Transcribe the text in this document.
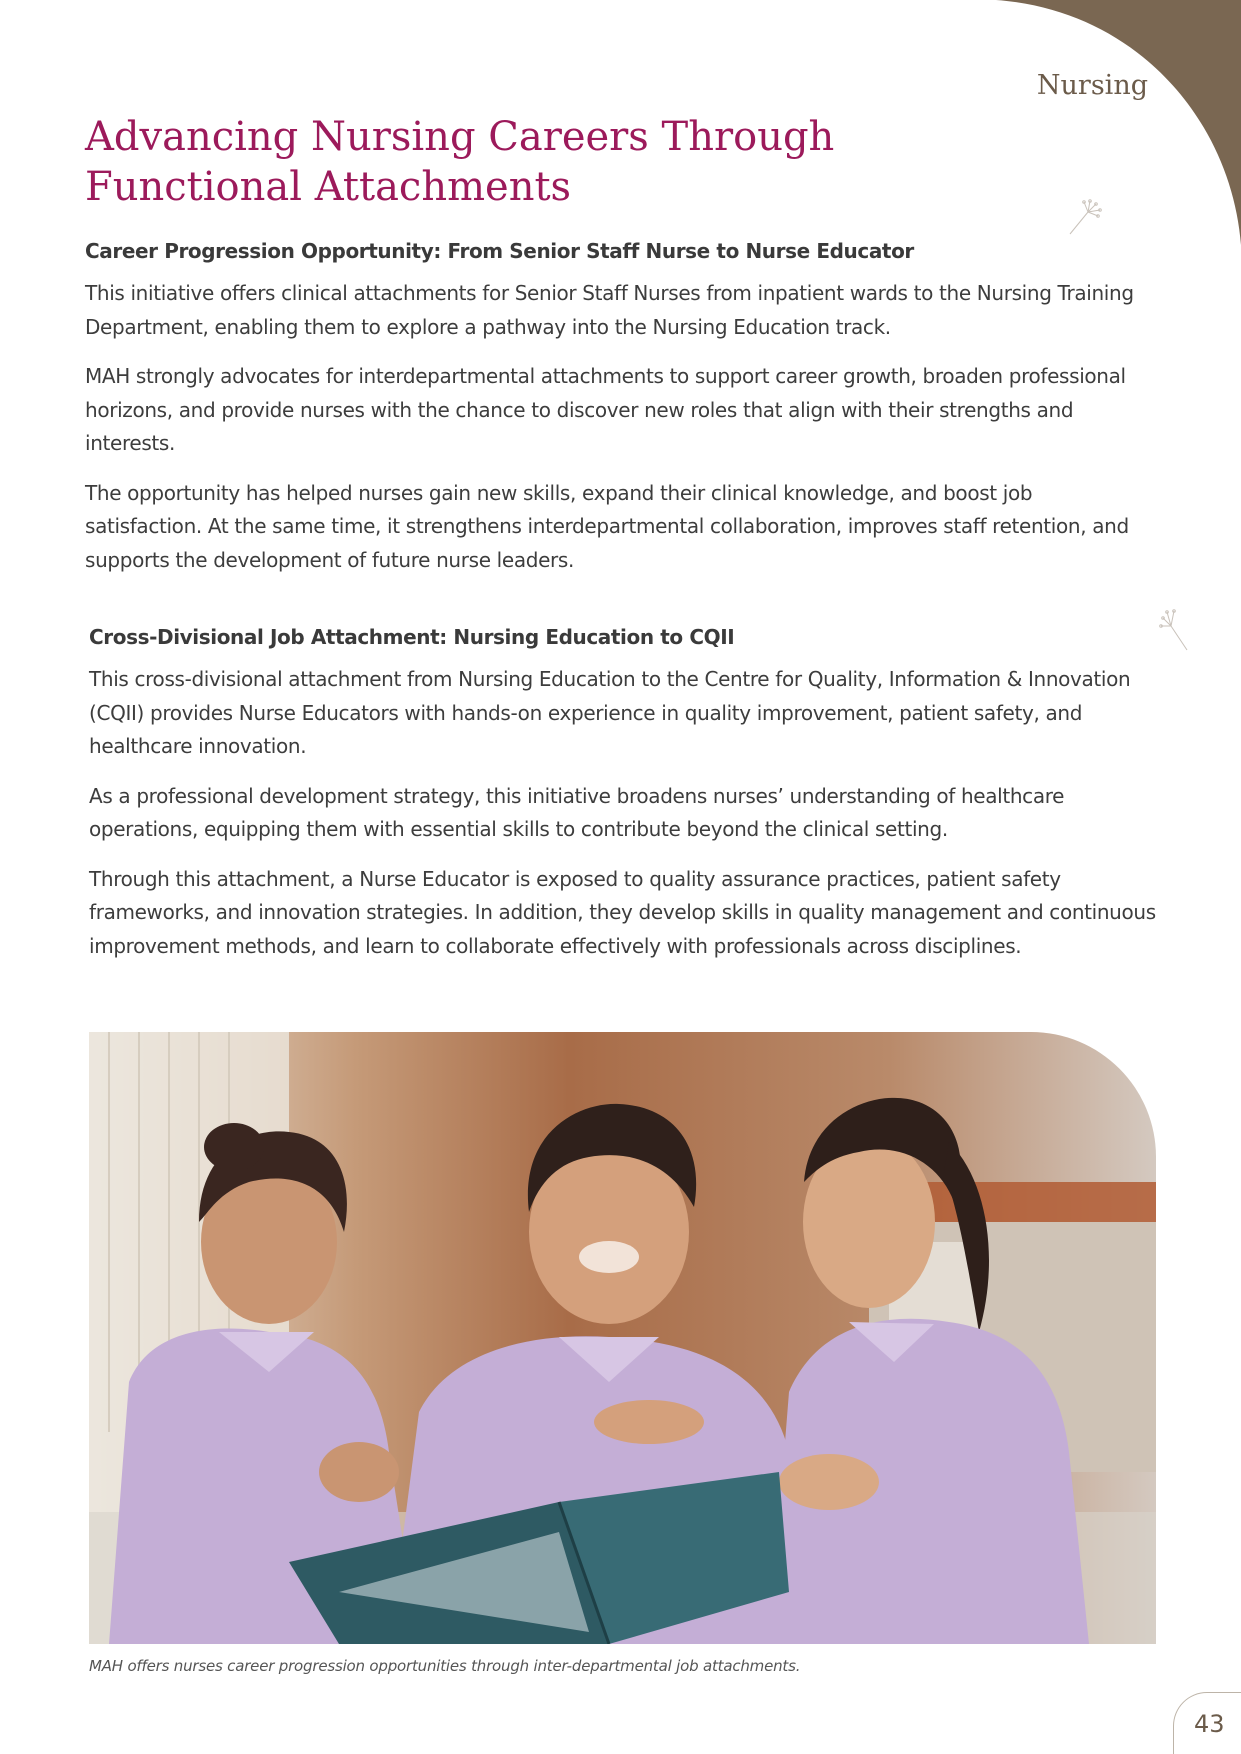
Nursing
Advancing Nursing Careers Through Functional Attachments
Career Progression Opportunity: From Senior Staff Nurse to Nurse Educator

This initiative offers clinical attachments for Senior Staff Nurses from inpatient wards to the Nursing Training Department, enabling them to explore a pathway into the Nursing Education track.

MAH strongly advocates for interdepartmental attachments to support career growth, broaden professional horizons, and provide nurses with the chance to discover new roles that align with their strengths and interests.

The opportunity has helped nurses gain new skills, expand their clinical knowledge, and boost job satisfaction. At the same time, it strengthens interdepartmental collaboration, improves staff retention, and supports the development of future nurse leaders.

Cross-Divisional Job Attachment: Nursing Education to CQII

This cross-divisional attachment from Nursing Education to the Centre for Quality, Information & Innovation (CQII) provides Nurse Educators with hands-on experience in quality improvement, patient safety, and healthcare innovation.

As a professional development strategy, this initiative broadens nurses’ understanding of healthcare operations, equipping them with essential skills to contribute beyond the clinical setting.

Through this attachment, a Nurse Educator is exposed to quality assurance practices, patient safety frameworks, and innovation strategies. In addition, they develop skills in quality management and continuous improvement methods, and learn to collaborate effectively with professionals across disciplines.

MAH offers nurses career progression opportunities through inter-departmental job attachments.
43
